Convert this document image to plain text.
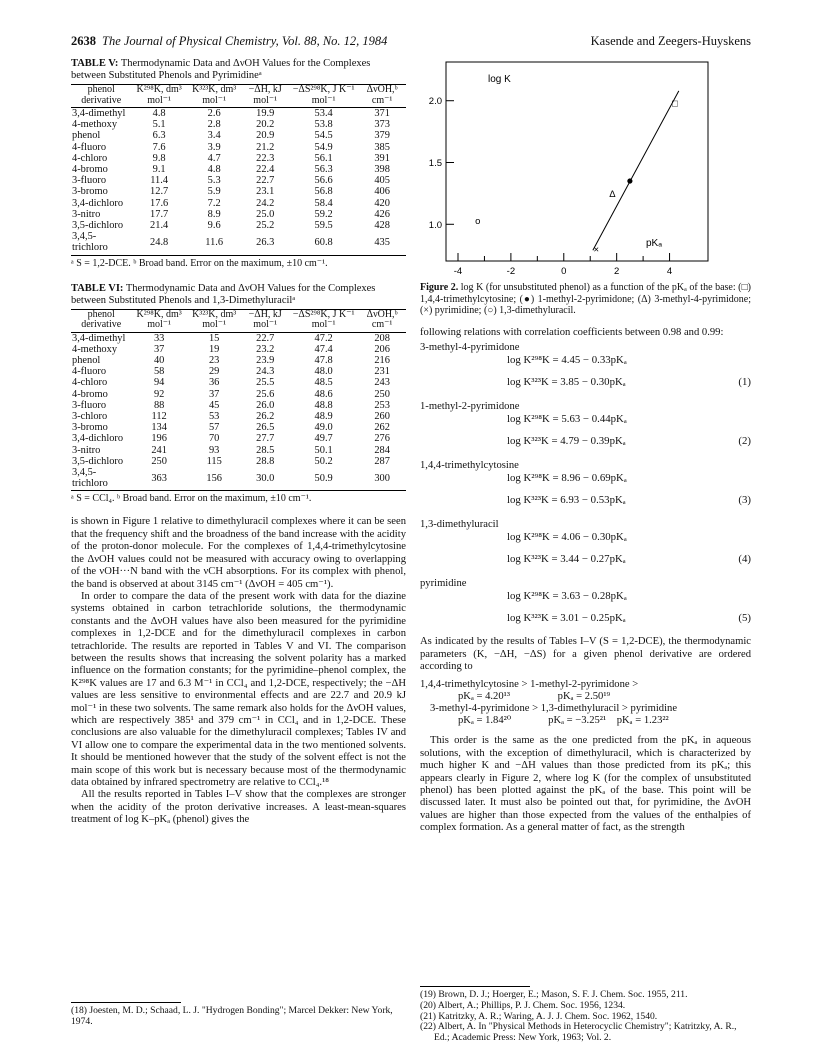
2638 The Journal of Physical Chemistry, Vol. 88, No. 12, 1984	Kasende and Zeegers-Huyskens
TABLE V: Thermodynamic Data and ΔνOH Values for the Complexes between Substituted Phenols and Pyrimidineᵃ
phenol derivative	K²⁹⁸K, dm³ mol⁻¹	K³²³K, dm³ mol⁻¹	−ΔH, kJ mol⁻¹	−ΔS²⁹⁸K, J K⁻¹ mol⁻¹	ΔνOH,ᵇ cm⁻¹
3,4-dimethyl	4.8	2.6	19.9	53.4	371
4-methoxy	5.1	2.8	20.2	53.8	373
phenol	6.3	3.4	20.9	54.5	379
4-fluoro	7.6	3.9	21.2	54.9	385
4-chloro	9.8	4.7	22.3	56.1	391
4-bromo	9.1	4.8	22.4	56.3	398
3-fluoro	11.4	5.3	22.7	56.6	405
3-bromo	12.7	5.9	23.1	56.8	406
3,4-dichloro	17.6	7.2	24.2	58.4	420
3-nitro	17.7	8.9	25.0	59.2	426
3,5-dichloro	21.4	9.6	25.2	59.5	428
3,4,5-trichloro	24.8	11.6	26.3	60.8	435
ᵃ S = 1,2-DCE. ᵇ Broad band. Error on the maximum, ±10 cm⁻¹.
TABLE VI: Thermodynamic Data and ΔνOH Values for the Complexes between Substituted Phenols and 1,3-Dimethyluracilᵃ
phenol derivative	K²⁹⁸K, dm³ mol⁻¹	K³²³K, dm³ mol⁻¹	−ΔH, kJ mol⁻¹	−ΔS²⁹⁸K, J K⁻¹ mol⁻¹	ΔνOH,ᵇ cm⁻¹
3,4-dimethyl	33	15	22.7	47.2	208
4-methoxy	37	19	23.2	47.4	206
phenol	40	23	23.9	47.8	216
4-fluoro	58	29	24.3	48.0	231
4-chloro	94	36	25.5	48.5	243
4-bromo	92	37	25.6	48.6	250
3-fluoro	88	45	26.0	48.8	253
3-chloro	112	53	26.2	48.9	260
3-bromo	134	57	26.5	49.0	262
3,4-dichloro	196	70	27.7	49.7	276
3-nitro	241	93	28.5	50.1	284
3,5-dichloro	250	115	28.8	50.2	287
3,4,5-trichloro	363	156	30.0	50.9	300
ᵃ S = CCl₄. ᵇ Broad band. Error on the maximum, ±10 cm⁻¹.

is shown in Figure 1 relative to dimethyluracil complexes where it can be seen that the frequency shift and the broadness of the band increase with the acidity of the proton-donor molecule. For the complexes of 1,4,4-trimethylcytosine the ΔνOH values could not be measured with accuracy owing to overlapping of the νOH···N band with the νCH absorptions. For its complex with phenol, the band is observed at about 3145 cm⁻¹ (ΔνOH = 405 cm⁻¹).

In order to compare the data of the present work with data for the diazine systems obtained in carbon tetrachloride solutions, the thermodynamic constants and the ΔνOH values have also been measured for the pyrimidine complexes in 1,2-DCE and for the dimethyluracil complexes in carbon tetrachloride. The results are reported in Tables V and VI. The comparison between the results shows that increasing the solvent polarity has a marked influence on the formation constants; for the pyrimidine–phenol complex, the K²⁹⁸K values are 17 and 6.3 M⁻¹ in CCl₄ and 1,2-DCE, respectively; the −ΔH values are less sensitive to environmental effects and are 22.7 and 20.9 kJ mol⁻¹ in these two solvents. The same remark also holds for the ΔνOH values, which are respectively 385¹ and 379 cm⁻¹ in CCl₄ and in 1,2-DCE. These conclusions are also valuable for the dimethyluracil complexes; Tables IV and VI allow one to compare the experimental data in the two mentioned solvents. It should be mentioned however that the study of the solvent effect is not the main scope of this work but is necessary because most of the thermodynamic data obtained by infrared spectrometry are relative to CCl₄.¹⁸

All the results reported in Tables I–V show that the complexes are stronger when the acidity of the proton derivative increases. A least-mean-squares treatment of log K–pKₐ (phenol) gives the

(18) Joesten, M. D.; Schaad, L. J. "Hydrogen Bonding"; Marcel Dekker: New York, 1974.
log K
pKₐ
2.0
1.5
1.0
-4	-2	0	2	4
□
Δ
×
o
Figure 2. log K (for unsubstituted phenol) as a function of the pKₐ of the base: (□) 1,4,4-trimethylcytosine; (●) 1-methyl-2-pyrimidone; (Δ) 3-methyl-4-pyrimidone; (×) pyrimidine; (○) 1,3-dimethyluracil.
following relations with correlation coefficients between 0.98 and 0.99:
3-methyl-4-pyrimidone
log K²⁹⁸K = 4.45 − 0.33pKₐ
log K³²³K = 3.85 − 0.30pKₐ	(1)
1-methyl-2-pyrimidone
log K²⁹⁸K = 5.63 − 0.44pKₐ
log K³²³K = 4.79 − 0.39pKₐ	(2)
1,4,4-trimethylcytosine
log K²⁹⁸K = 8.96 − 0.69pKₐ
log K³²³K = 6.93 − 0.53pKₐ	(3)
1,3-dimethyluracil
log K²⁹⁸K = 4.06 − 0.30pKₐ
log K³²³K = 3.44 − 0.27pKₐ	(4)
pyrimidine
log K²⁹⁸K = 3.63 − 0.28pKₐ
log K³²³K = 3.01 − 0.25pKₐ	(5)
As indicated by the results of Tables I–V (S = 1,2-DCE), the thermodynamic parameters (K, −ΔH, −ΔS) for a given phenol derivative are ordered according to
1,4,4-trimethylcytosine > 1-methyl-2-pyrimidone >
pKₐ = 4.20¹³                  pKₐ = 2.50¹⁹
3-methyl-4-pyrimidone > 1,3-dimethyluracil > pyrimidine
pKₐ = 1.84²⁰              pKₐ = −3.25²¹    pKₐ = 1.23²²

This order is the same as the one predicted from the pKₐ in aqueous solutions, with the exception of dimethyluracil, which is characterized by much higher K and −ΔH values than those predicted from its pKₐ; this appears clearly in Figure 2, where log K (for the complex of unsubstituted phenol) has been plotted against the pKₐ of the base. This point will be discussed later. It must also be pointed out that, for pyrimidine, the ΔνOH values are higher than those expected from the values of the enthalpies of complex formation. As a general matter of fact, as the strength

(19) Brown, D. J.; Hoerger, E.; Mason, S. F. J. Chem. Soc. 1955, 211.
(20) Albert, A.; Phillips, P. J. Chem. Soc. 1956, 1234.
(21) Katritzky, A. R.; Waring, A. J. J. Chem. Soc. 1962, 1540.
(22) Albert, A. In "Physical Methods in Heterocyclic Chemistry"; Katritzky, A. R., Ed.; Academic Press: New York, 1963; Vol. 2.
